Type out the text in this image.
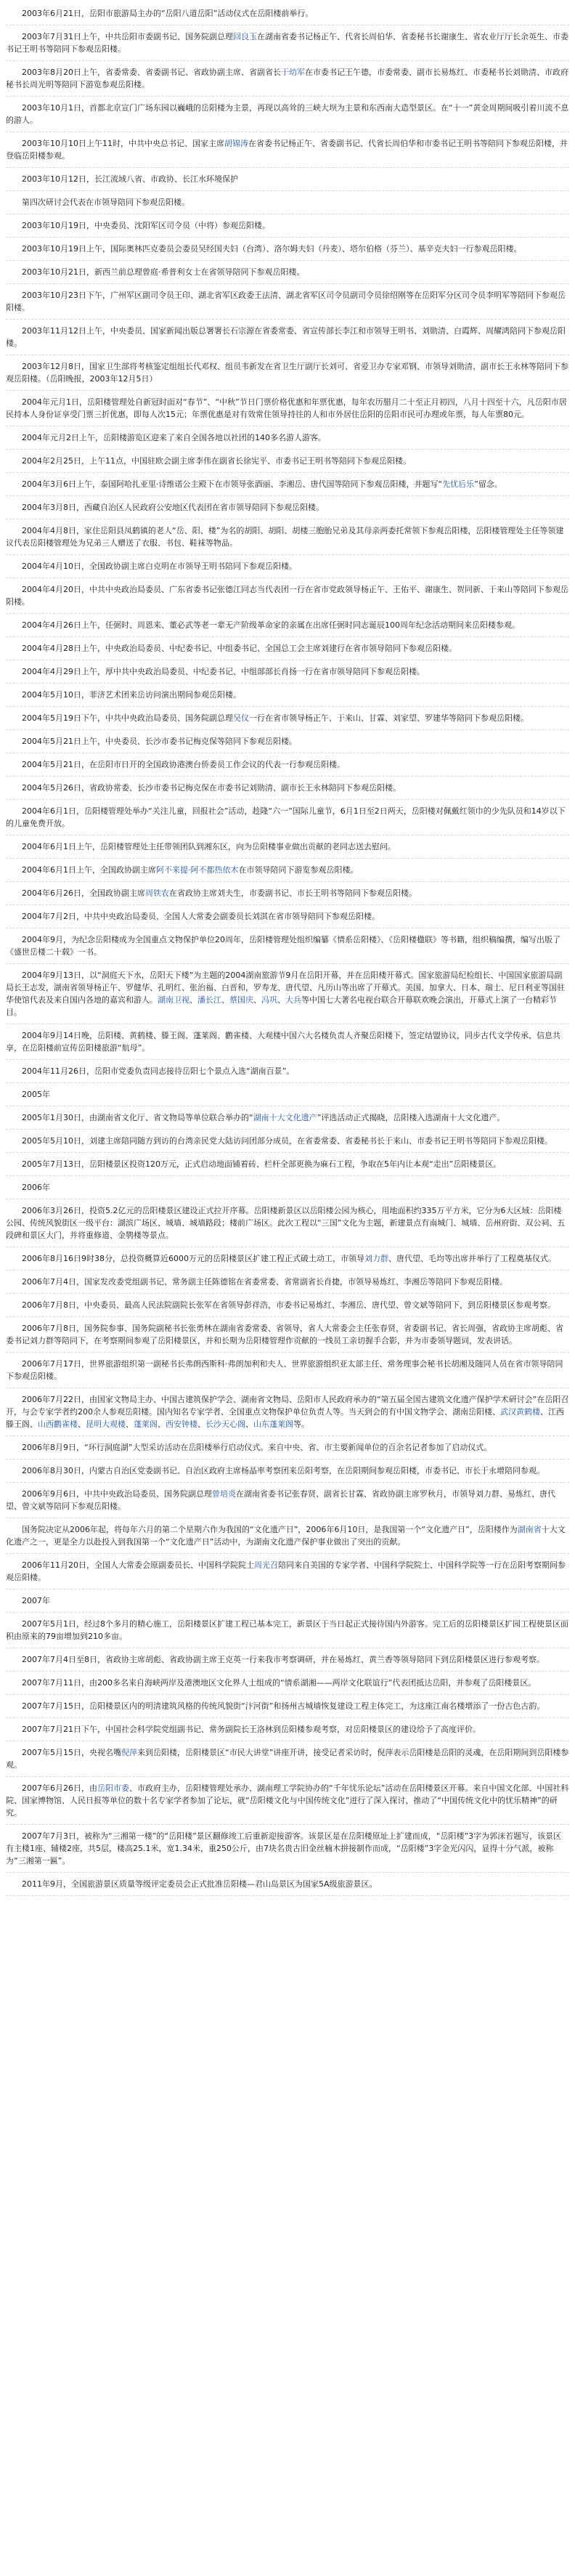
2003年6月21日，岳阳市旅游局主办的“岳阳八道岳阳”活动仪式在岳阳楼前举行。
2003年7月31日上午，中共岳阳市委副书记、国务院副总理回良玉在湖南省委书记杨正午、代省长周伯华、省委秘书长谢康生、省农业厅厅长余英生、市委书记王明书等陪同下参观岳阳楼。
2003年8月20日上午，省委常委、省委副书记、省政协副主席、省副省长于幼军在市委书记王午德，市委常委、副市长易炼红、市委秘书长刘勋清、市政府秘书长周光明等陪同下游览参观岳阳楼。
2003年10月1日，首都北京宣门广场东园以巍峨的岳阳楼为主景，再现以高耸的三峡大坝为主景和东西南大造型景区。在“十一”黄金周期间吸引着川流不息的游人。
2003年10月10日上午11时，中共中央总书记、国家主席胡锦涛在省委书记杨正午、省委副书记、代省长周伯华和市委书记王明书等陪同下参观岳阳楼，并登临岳阳楼参观。
2003年10月12日，长江流域八省、市政协、长江水环境保护
第四次研讨会代表在市领导陪同下参观岳阳楼。
2003年10月19日，中央委员、沈阳军区司令员（中将）参观岳阳楼。
2003年10月19日上午，国际奥林匹克委员会委员吴经国夫妇（台湾）、洛尔姆夫妇（丹麦）、塔尔伯格（芬兰）、基辛克夫妇一行参观岳阳楼。
2003年10月21日，新西兰前总理曾庭·希普利女士在省领导陪同下参观岳阳楼。
2003年10月23日下午，广州军区副司令员王印、湖北省军区政委王法清、湖北省军区司令员副司令员徐绍刚等在岳阳军分区司令员李明军等陪同下参观岳阳楼。
2003年11月12日上午，中央委员、国家新闻出版总署署长石宗源在省委常委、省宣传部长李江和市领导王明书、刘勋清、白霞辉、周耀鸿陪同下参观岳阳楼。
2003年12月8日，国家卫生部将考核鉴定组组长代邓权、组员韦新发在省卫生厅副厅长刘可、省爱卫办专家邓钢、市领导刘勋清、副市长王永林等陪同下参观岳阳楼。（岳阳晚报，2003年12月5日）
2004年元月1日，岳阳楼管理处自新冠时面对“春节”、“中秋”节日门票价格优惠和年票优惠，每年农历腊月二十至正月初四，八月十四至十六，凡岳阳市居民持本人身份证享受门票三折优惠，即每人次15元；年票优惠是对有效常住领导持往的人和市外居住岳阳的岳阳市民可办理或年票，每人年票80元。
2004年元月2日上午，岳阳楼游览区迎来了来自全国各地以社团的140多名游人游客。
2004年2月25日，上午11点，中国驻欧会副主席李伟在副省长徐宪平、市委书记王明书等陪同下参观岳阳楼。
2004年3月6日上午，泰国阿哈扎亚里·诗维诺公主殿下在市领导张酒丽、李湘岳、唐代国等陪同下参观岳阳楼，并题写“先忧后乐”留念。
2004年3月8日，西藏自治区人民政府公安地区代表团在省市领导陪同下参观岳阳楼。
2004年4月8日，家住岳阳县凤鹤镇的老人“岳、阳、楼”为名的胡阳、胡阳、胡楼三胞胎兄弟及其母亲两委托常领下参观岳阳楼，岳阳楼管理处主任等领建议代表岳阳楼管理处为兄弟三人赠送了衣服、书包、鞋袜等物品。
2004年4月10日，全国政协副主席白克明在市领导王明书陪同下参观岳阳楼。
2004年4月20日，中共中央政治局委员、广东省委书记张德江同志当代表团一行在省市党政领导杨正午、王佑平、谢康生、贺同新、于来山等陪同下参观岳阳楼。
2004年4月26日上午，任弼时、周恩来、董必武等老一辈无产阶级革命家的亲属在出席任弼时同志诞辰100周年纪念活动期间来岳阳楼参观。
2004年4月28日上午，中央政治局委员、中纪委书记、中组委书记、全国总工会主席刘建行在省市领导陪同下参观岳阳楼。
2004年4月29日上午，厚中共中央政治局委员、中纪委书记、中组部部长肖扬一行在省市领导陪同下参观岳阳楼。
2004年5月10日，菲济艺术团来岳访问演出期间参观岳阳楼。
2004年5月19日下午，中共中央政治局委员、国务院副总理吴仪一行在省市领导杨正午、于来山、甘霖、刘家望、罗建华等陪同下参观岳阳楼。
2004年5月21日上午，中央委员、长沙市委书记梅克保等陪同下参观岳阳楼。
2004年5月21日，在岳阳市日开的全国政协港澳台侨委员工作会议的代表一行参观岳阳楼。
2004年5月26日，省政协常委、长沙市委书记梅克保在市委书记刘勋清、副市长王永林陪同下参观岳阳楼。
2004年6月1日，岳阳楼管理处举办“关注儿童，回报社会”活动，趁隆“六一”国际儿童节，6月1日至2日两天，岳阳楼对佩戴红领巾的少先队员和14岁以下的儿童免费开放。
2004年6月1日上午，岳阳楼管理处主任带领团队到湘东区，向为岳阳楼事业做出贡献的老同志送去慰问。
2004年6月1日上午，全国政协副主席阿不来提·阿不都热依木在市领导陪同下游览参观岳阳楼。
2004年6月26日，全国政协副主席周铁农在省政协主席刘夫生，市委副书记、市长王明书等陪同下参观岳阳楼。
2004年7月2日，中共中央政治局委员、全国人大常委会副委员长刘淇在省市领导陪同下参观岳阳楼。
2004年9月，为纪念岳阳楼成为全国重点文物保护单位20周年，岳阳楼管理处组织编纂《情系岳阳楼》、《岳阳楼楹联》等书籍，组织稿编撰，编写出版了《盛世岳楼二十载》一书。
2004年9月13日，以“洞庭天下水，岳阳天下楼”为主题的2004湖南旅游节9月在岳阳开幕，并在岳阳楼开幕式。国家旅游局纪检组长、中国国家旅游局副局长王志发，湖南省领导杨正午、罗健华、孔明红、张治福、白晋和，罗寿龙、唐代望、凡历山等出席了开幕式。美国、加拿大、日本、瑞士、尼日利亚等国驻华使馆代表及来自国内各地的嘉宾和游人。湖南卫视、潘长江、蔡国庆、冯巩、大兵等中国七大著名电视台联合开幕联欢晚会演出，开幕式上演了一台精彩节目。
2004年9月14日晚，岳阳楼、黄鹤楼、滕王阁、蓬莱阁、鹳雀楼、大观楼中国六大名楼负责人齐聚岳阳楼下，签定结盟协议，同步古代文学传承、信息共享，在岳阳楼前宣传岳阳楼旅游“航母”。
2004年11月26日，岳阳市党委负责同志接待岳阳七个景点入选“湖南百景”。
2005年
2005年1月30日，由湖南省文化厅、省文物局等单位联合举办的“湖南十大文化遗产”评选活动正式揭晓，岳阳楼入选湖南十大文化遗产。
2005年5月10日，刘建主席陪同随方到访的台湾亲民党大陆访问团部分成员，在省委常委、省委秘书长于来山、市委书记王明书等陪同下参观岳阳楼。
2005年7月13日，岳阳楼景区投资120万元，正式启动地面铺着砖、栏杆全部更换为麻石工程，争取在5年内让本观“走出”岳阳楼景区。
2006年
2006年3月26日，投资5.2亿元的岳阳楼景区建设正式拉开序幕。岳阳楼新景区以岳阳楼公园为核心，用地面积约335万平方米，它分为6大区域：岳阳楼公园、传统风貌街区一级平台：湖滨广场区、城墙、城墙路段；楼前广场区。此次工程以“三国”文化为主题，新建景点有南城门、城墙、岳州府街、双公祠、五段碑和景区大门，并将重修道、金鹗楼等景点。
2006年8月16日9时38分，总投资概算近6000万元的岳阳楼景区扩建工程正式破土动工，市领导刘力群、唐代望、毛均等出席并举行了工程奠基仪式。
2006年7月4日，国家发改委党组副书记、常务副主任陈德铭在省委常委、省常副省长肖捷，市领导易炼红、李湘岳等陪同下参观岳阳楼。
2006年7月8日，中央委员、最高人民法院副院长张军在省领导彭祥浩，市委书记易炼红、李湘岳、唐代望、曾文斌等陪同下，到岳阳楼景区参观考察。
2006年7月8日，国务院参事、国务院副秘书长张勇林在湖南省委常委、省领导，省人大常委会主任张春贤，省委副书记、省长周强，省政协主席胡彪、省委书记刘力群等陪同下，在考察期间参观了岳阳楼景区，并和长期为岳阳楼管理作贡献的一线员工亲切握手合影，并为市委领导题词，发表讲话。
2006年7月17日，世界旅游组织第一副秘书长弗朗西斯科·弗朗加利和夫人、世界旅游组织亚太部主任、常务理事会秘书长胡湘及随同人员在省市领导陪同下参观岳阳楼。
2006年7月22日，由国家文物局主办、中国古建筑保护学会、湖南省文物局、岳阳市人民政府承办的“第五届全国古建筑文化遗产保护学术研讨会”在岳阳召开，与会专家学者约200余人参观岳阳楼。国内知名专家学者、全国重点文物保护单位负责人等。当天到会的有中国文物学会、湖南岳阳楼、武汉黄鹤楼、江西滕王阁、山西鹳雀楼、昆明大观楼、蓬莱阁、西安钟楼、长沙天心阁、山东蓬莱阁等。
2006年8月9日，“环行洞庭湖”大型采访活动在岳阳楼举行启动仪式。来自中央、省、市主要新闻单位的百余名记者参加了启动仪式。
2006年8月30日，内蒙古自治区党委副书记、自治区政府主席杨晶率考察团来岳阳考察，在岳阳期间参观岳阳楼，市委书记、市长于永增陪同参观。
2006年9月6日，中共中央政治局委员、国务院副总理曾培炎在湖南省委书记张春贤、副省长甘霖、省政协副主席罗秋月，市领导刘力群、易炼红、唐代望、曾文斌等陪同下参观岳阳楼。
国务院决定从2006年起，将每年六月的第二个星期六作为我国的“文化遗产日”，2006年6月10日，是我国第一个“文化遗产日”，岳阳楼作为湖南省十大文化遗产之一，更是全力以赴投入到我国第一个“文化遗产日”活动中，为湖南文化遗产保护事业做出了突出的贡献。
2006年11月20日，全国人大常委会原副委员长、中国科学院院士周光召陪同来自美国的专家学者、中国科学院院士、中国科学院等一行在岳阳考察期间参观岳阳楼。
2007年
2007年5月1日，经过8个多月的精心施工，岳阳楼景区扩建工程已基本完工，新景区于当日起正式接待国内外游客。完工后的岳阳楼景区扩园工程使景区面积由原来的79亩增加到210多亩。
2007年7月4日至8日，省政协主席胡彪、省政协副主席王克英一行来我市考察调研，并在易炼红、黄兰香等领导陪同下到岳阳楼景区进行参观考察。
2007年7月11日，由200多名来自海峡两岸及港澳地区文化界人士组成的“情系湖湘——两岸文化联谊行”代表团抵达岳阳，并参观了岳阳楼景区。
2007年7月15日，岳阳楼景区内的明清建筑风格的传统风貌街“汴河街”和扬州古城墙恢复建设工程主体完工，为这座江南名楼增添了一份古色古韵。
2007年7月21日下午，中国社会科学院党组副书记、常务副院长王洛林到岳阳楼参观考察，对岳阳楼景区的建设给予了高度评价。
2007年5月15日，央视名嘴倪萍来到岳阳楼，岳阳楼景区“市民大讲堂”讲座开讲，接受记者采访时，倪萍表示岳阳楼是岳阳的灵魂，在岳阳期间到岳阳楼参观。
2007年6月26日，由岳阳市委、市政府主办，岳阳楼管理处承办、湖南理工学院协办的“千年忧乐论坛”活动在岳阳楼景区开幕。来自中国文化部、中国社科院、国家博物馆、人民日报等单位的数十名专家学者参加了论坛，就“岳阳楼文化与中国传统文化”进行了深入探讨，推动了“中国传统文化中的忧乐精神”的研究。
2007年7月3日，被称为“三湘第一楼”的“岳阳楼”景区翻修竣工后重新迎接游客。该景区是在岳阳楼原址上扩建而成，“岳阳楼”3字为郭沫若题写，该景区有主楼1座、辅楼2座，共5层，楼高25.1米，宽1.34米，重250公斤，由7块名贵古旧金丝楠木拼接制作而成，“岳阳楼”3字金光闪闪，显得十分气派，被称为“三湘第一匾”。
2011年9月，全国旅游景区质量等级评定委员会正式批准岳阳楼—君山岛景区为国家5A级旅游景区。
